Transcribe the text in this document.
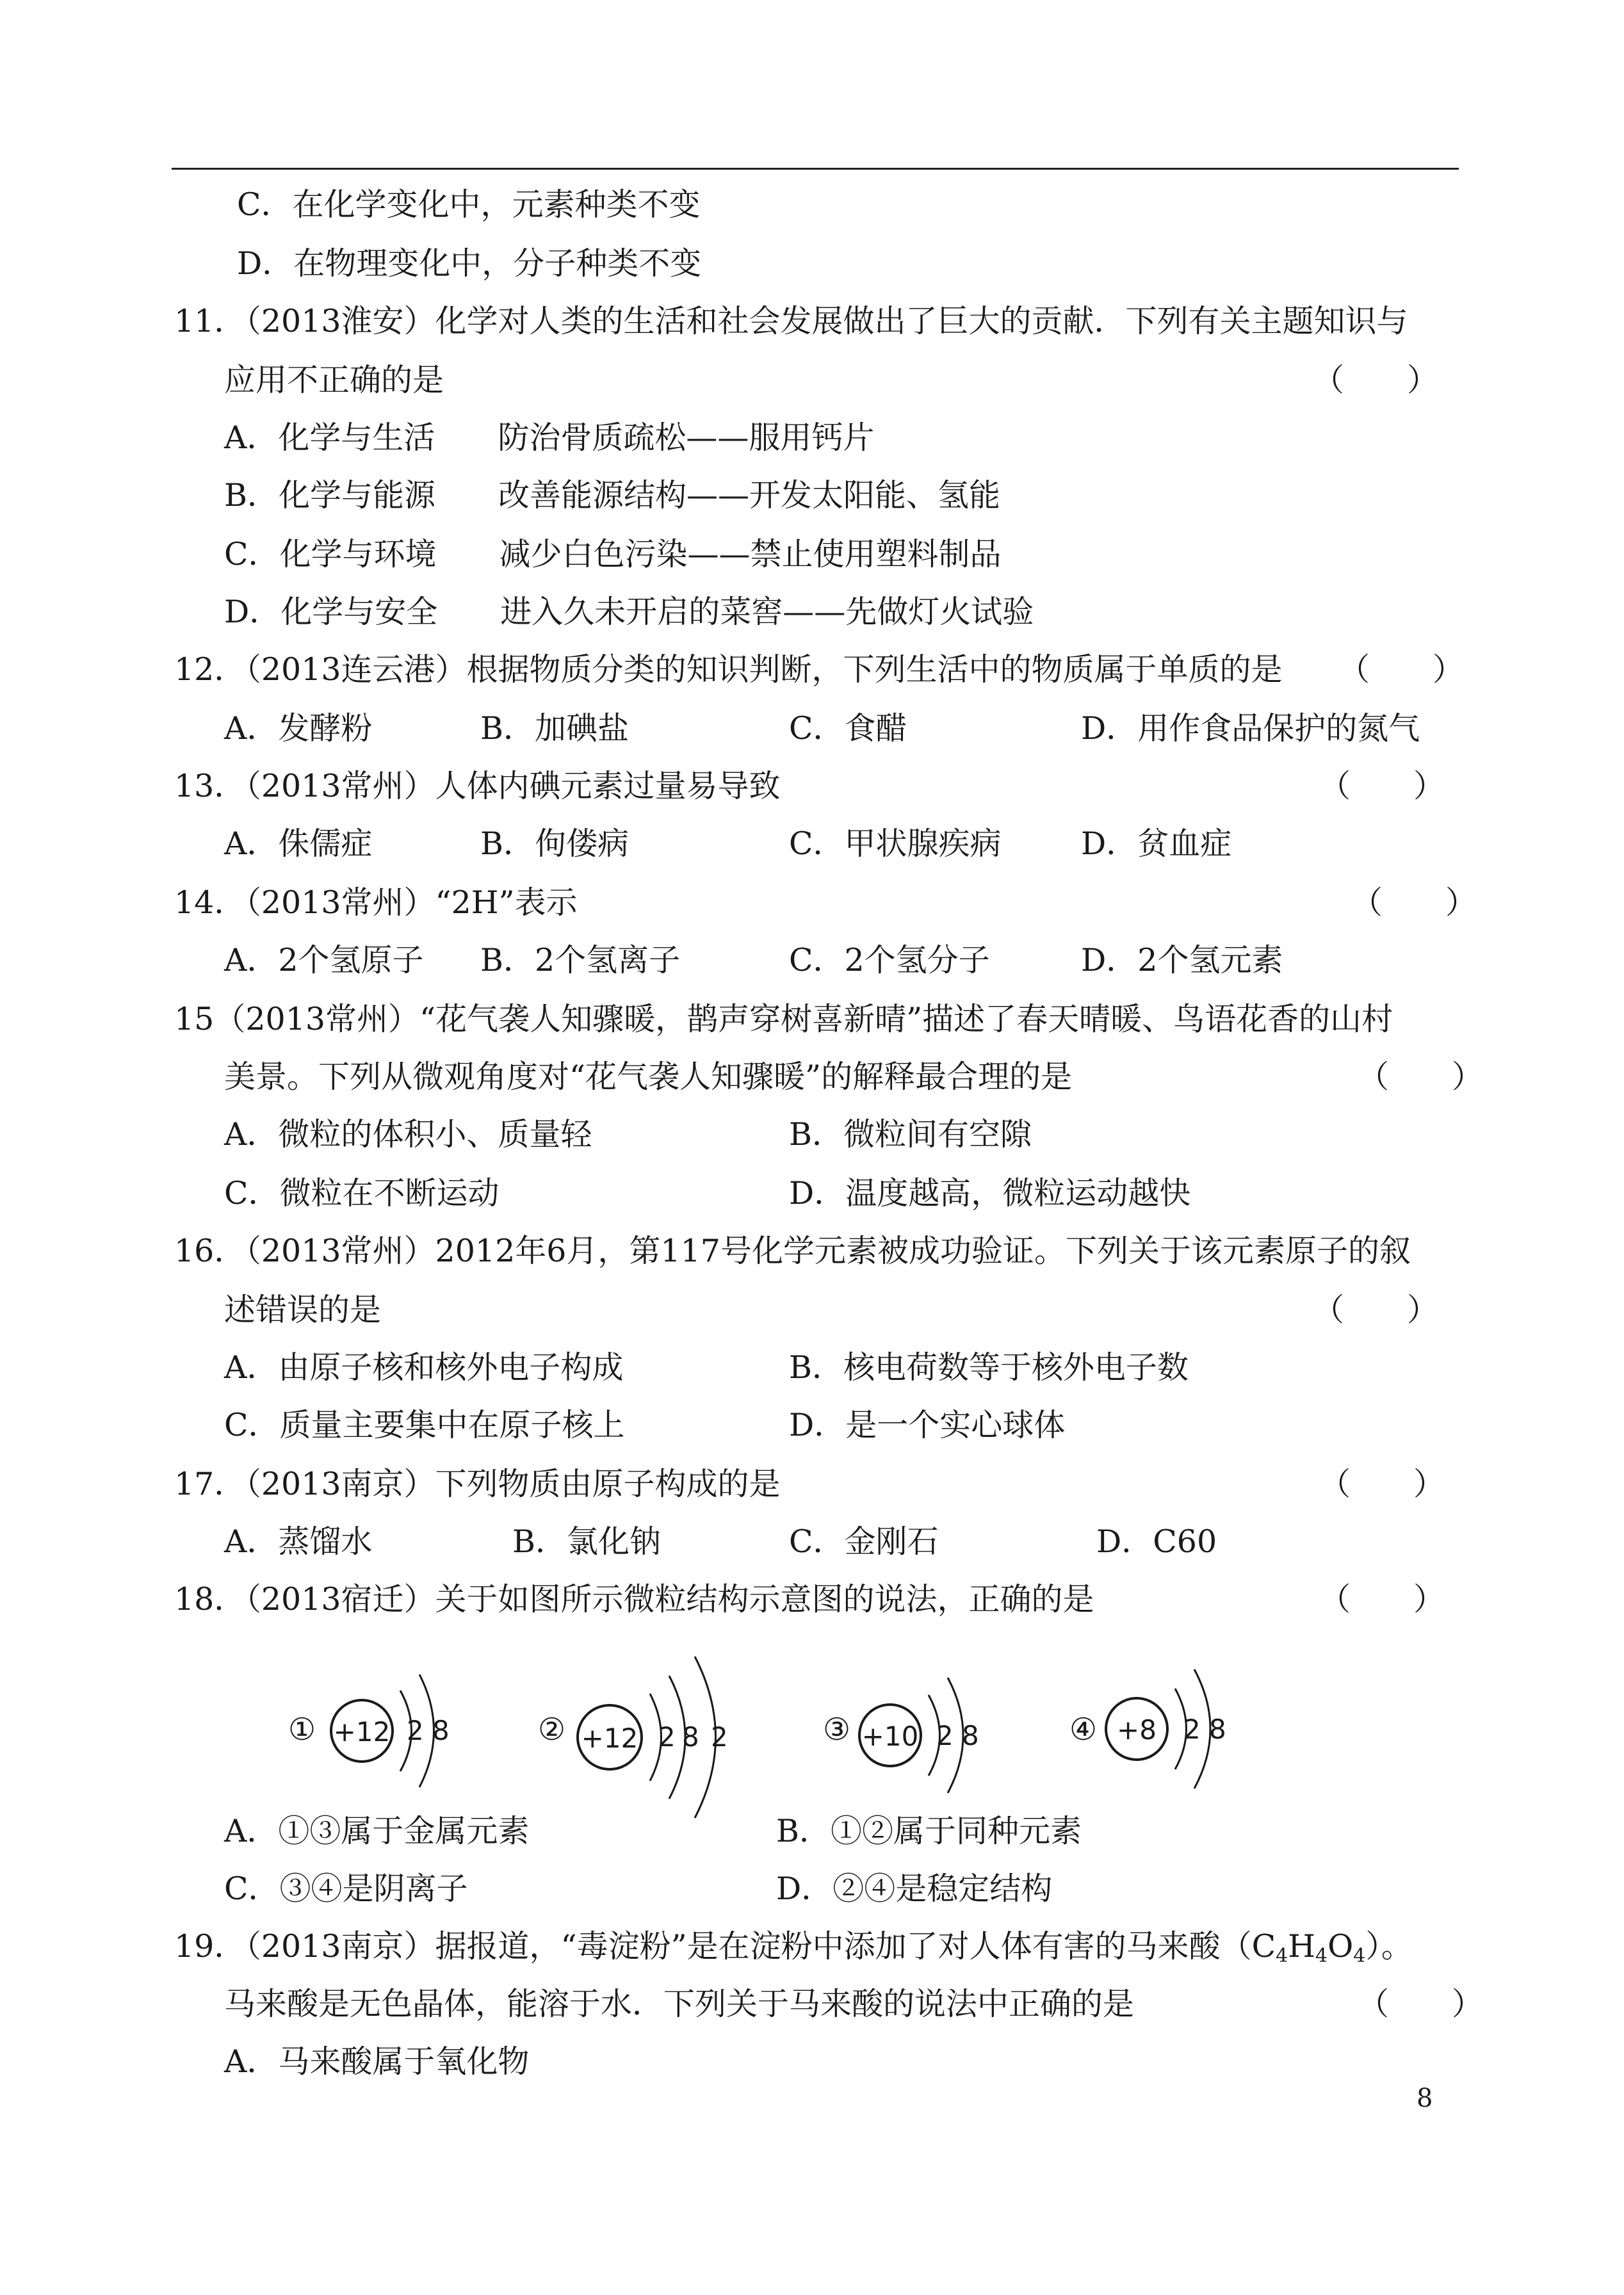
C．在化学变化中，元素种类不变
D．在物理变化中，分子种类不变
11．（2013淮安）化学对人类的生活和社会发展做出了巨大的贡献．下列有关主题知识与
应用不正确的是	（　　）
A．化学与生活　　防治骨质疏松——服用钙片
B．化学与能源　　改善能源结构——开发太阳能、氢能
C．化学与环境　　减少白色污染——禁止使用塑料制品
D．化学与安全　　进入久未开启的菜窖——先做灯火试验
12．（2013连云港）根据物质分类的知识判断，下列生活中的物质属于单质的是 （　　）
A．发酵粉	B．加碘盐	C．食醋	D．用作食品保护的氮气
13．（2013常州）人体内碘元素过量易导致	（　　）
A．侏儒症	B．佝偻病	C．甲状腺疾病	D．贫血症
14．（2013常州）“2H”表示	（　　）
A．2个氢原子 B．2个氢离子	C．2个氢分子	D．2个氢元素
15（2013常州）“花气袭人知骤暖，鹊声穿树喜新晴”描述了春天晴暖、鸟语花香的山村
美景。下列从微观角度对“花气袭人知骤暖”的解释最合理的是	（　　）
A．微粒的体积小、质量轻	B．微粒间有空隙
C．微粒在不断运动	D．温度越高，微粒运动越快
16．（2013常州）2012年6月，第117号化学元素被成功验证。下列关于该元素原子的叙
述错误的是	（　　）
A．由原子核和核外电子构成	B．核电荷数等于核外电子数
C．质量主要集中在原子核上	D．是一个实心球体
17．（2013南京）下列物质由原子构成的是	（　　）
A．蒸馏水	B．氯化钠	C．金刚石	D．C60
18．（2013宿迁）关于如图所示微粒结构示意图的说法，正确的是	（　　）
① +12 2 8	② +12 2 8 2	③ +10 2 8	④ +8 2 8
A．①③属于金属元素	B．①②属于同种元素
C．③④是阴离子	D．②④是稳定结构
19．（2013南京）据报道，“毒淀粉”是在淀粉中添加了对人体有害的马来酸$(C_4H_4O_4)$。
马来酸是无色晶体，能溶于水．下列关于马来酸的说法中正确的是	（　　）
A．马来酸属于氧化物
8
